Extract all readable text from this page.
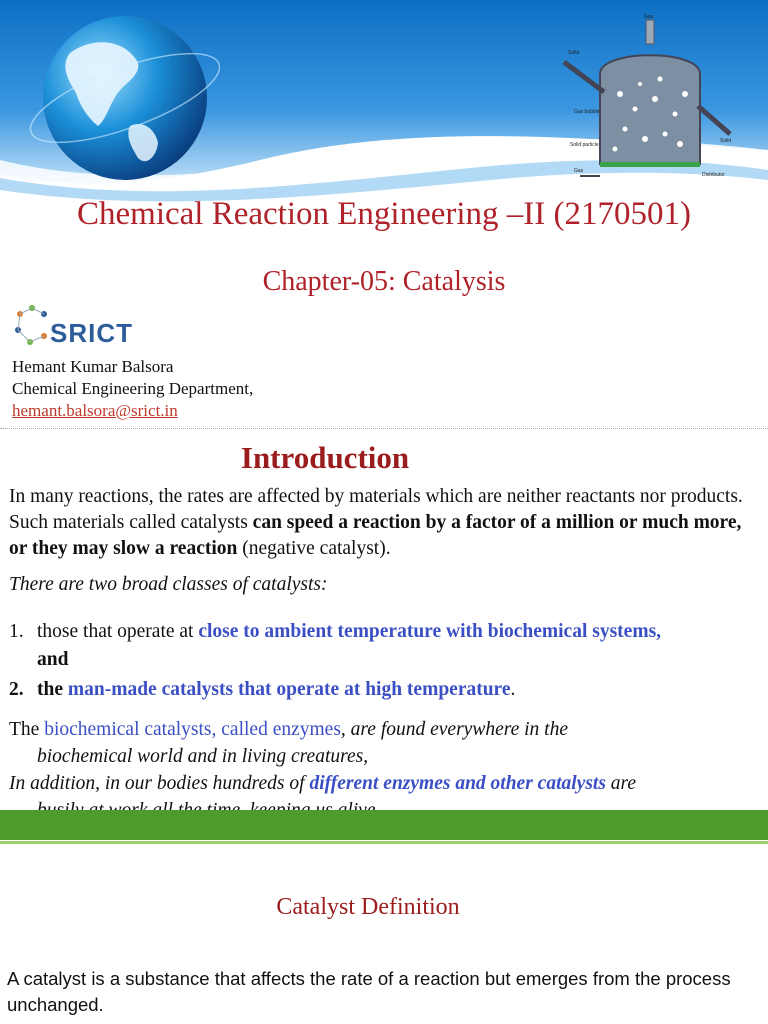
Gas
Solid
Gas bubble
Solid particle
Gas
Solid
Distributor
Chemical Reaction Engineering –II (2170501)
Chapter-05: Catalysis
SRICT
Hemant Kumar Balsora
Chemical Engineering Department,
hemant.balsora@srict.in
Introduction
In many reactions, the rates are affected by materials which are neither reactants nor products. Such materials called catalysts can speed a reaction by a factor of a million or much more, or they may slow a reaction (negative catalyst).
There are two broad classes of catalysts:
1. those that operate at close to ambient temperature with biochemical systems,
and
2. the man-made catalysts that operate at high temperature.
The biochemical catalysts, called enzymes, are found everywhere in the
biochemical world and in living creatures,
In addition, in our bodies hundreds of different enzymes and other catalysts are
Catalyst Definition
A catalyst is a substance that affects the rate of a reaction but emerges from the process unchanged.
